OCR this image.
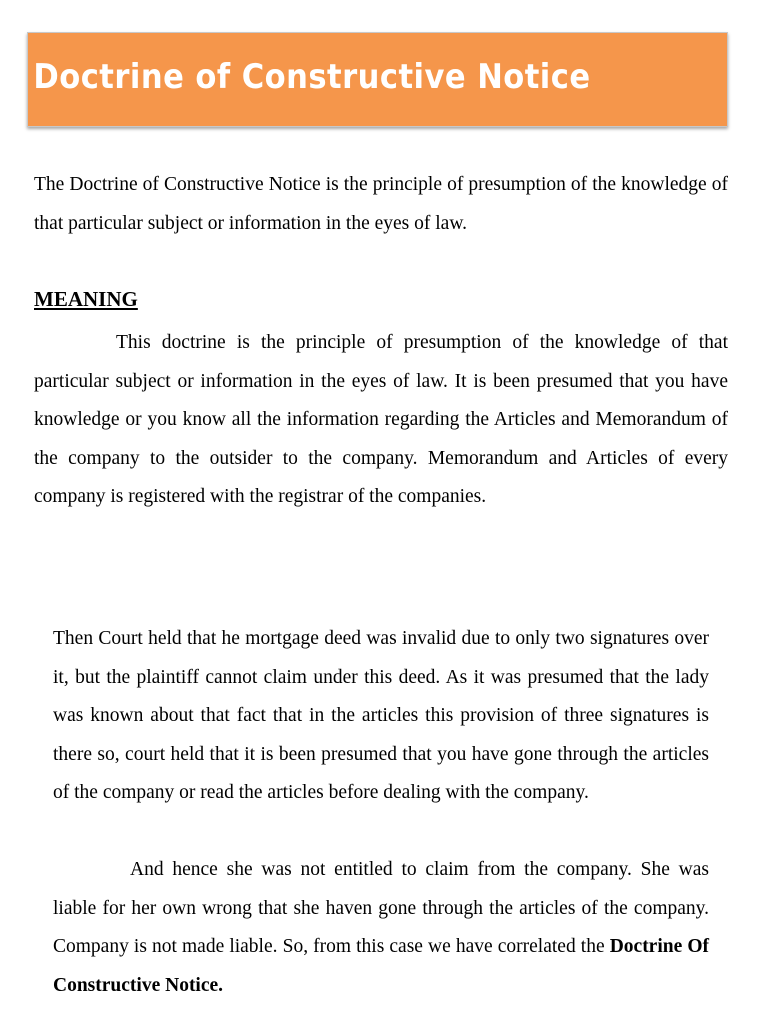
Doctrine of Constructive Notice

The Doctrine of Constructive Notice is the principle of presumption of the knowledge of that particular subject or information in the eyes of law.

MEANING

This doctrine is the principle of presumption of the knowledge of that particular subject or information in the eyes of law. It is been presumed that you have knowledge or you know all the information regarding the Articles and Memorandum of the company to the outsider to the company. Memorandum and Articles of every company is registered with the registrar of the companies.

Then Court held that he mortgage deed was invalid due to only two signatures over it, but the plaintiff cannot claim under this deed. As it was presumed that the lady was known about that fact that in the articles this provision of three signatures is there so, court held that it is been presumed that you have gone through the articles of the company or read the articles before dealing with the company.

And hence she was not entitled to claim from the company. She was liable for her own wrong that she haven gone through the articles of the company. Company is not made liable. So, from this case we have correlated the Doctrine Of Constructive Notice.
